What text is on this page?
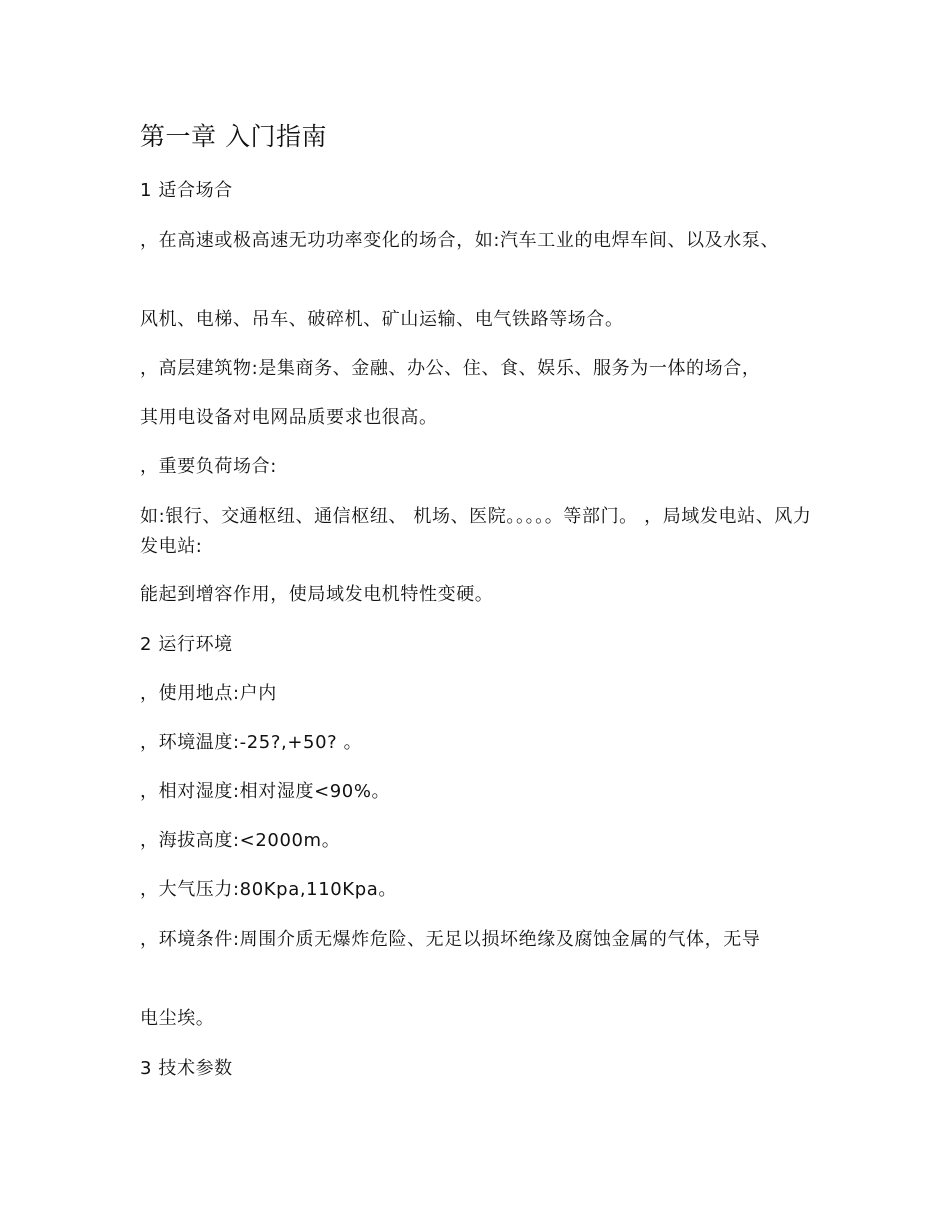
第一章 入门指南

1 适合场合

，在高速或极高速无功功率变化的场合，如:汽车工业的电焊车间、以及水泵、

风机、电梯、吊车、破碎机、矿山运输、电气铁路等场合。

，高层建筑物:是集商务、金融、办公、住、食、娱乐、服务为一体的场合，

其用电设备对电网品质要求也很高。

，重要负荷场合:

如:银行、交通枢纽、通信枢纽、 机场、医院。。。。。等部门。 ，局域发电站、风力发电站:

能起到增容作用，使局域发电机特性变硬。

2 运行环境

，使用地点:户内

，环境温度:-25?,+50? 。

，相对湿度:相对湿度<90%。

，海拔高度:<2000m。

，大气压力:80Kpa,110Kpa。

，环境条件:周围介质无爆炸危险、无足以损坏绝缘及腐蚀金属的气体，无导

电尘埃。

3 技术参数
